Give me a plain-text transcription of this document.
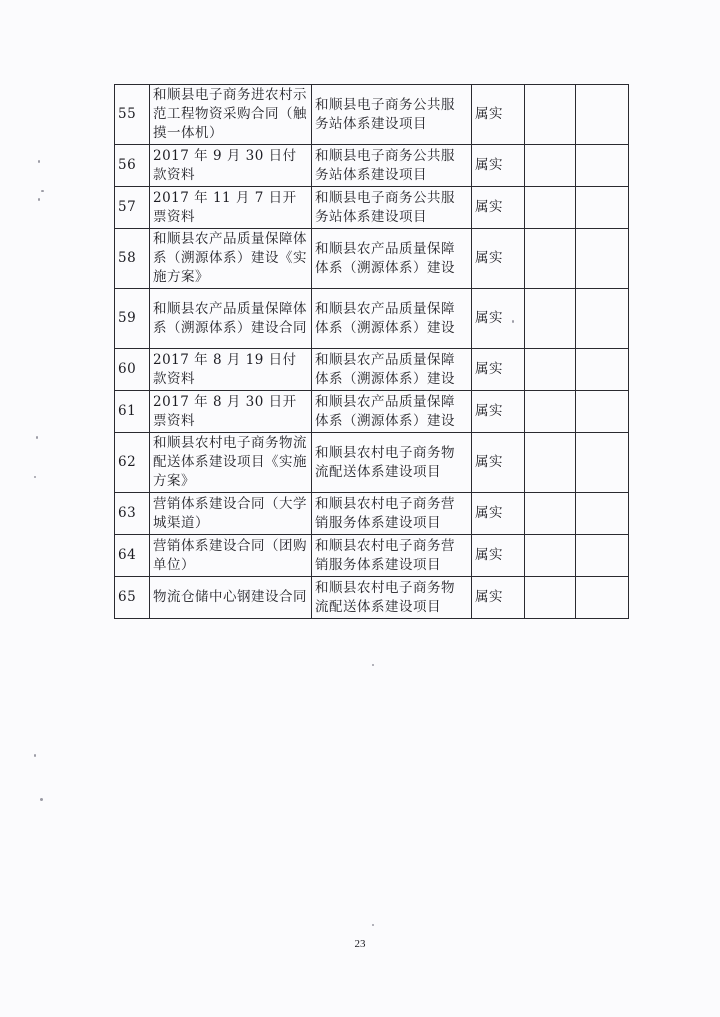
55	和顺县电子商务进农村示范工程物资采购合同（触摸一体机）	和顺县电子商务公共服务站体系建设项目	属实		
56	2017 年 9 月 30 日付款资料	和顺县电子商务公共服务站体系建设项目	属实		
57	2017 年 11 月 7 日开票资料	和顺县电子商务公共服务站体系建设项目	属实		
58	和顺县农产品质量保障体系（溯源体系）建设《实施方案》	和顺县农产品质量保障体系（溯源体系）建设	属实		
59	和顺县农产品质量保障体系（溯源体系）建设合同	和顺县农产品质量保障体系（溯源体系）建设	属实		
60	2017 年 8 月 19 日付款资料	和顺县农产品质量保障体系（溯源体系）建设	属实		
61	2017 年 8 月 30 日开票资料	和顺县农产品质量保障体系（溯源体系）建设	属实		
62	和顺县农村电子商务物流配送体系建设项目《实施方案》	和顺县农村电子商务物流配送体系建设项目	属实		
63	营销体系建设合同（大学城渠道）	和顺县农村电子商务营销服务体系建设项目	属实		
64	营销体系建设合同（团购单位）	和顺县农村电子商务营销服务体系建设项目	属实		
65	物流仓储中心钢建设合同	和顺县农村电子商务物流配送体系建设项目	属实		
23
